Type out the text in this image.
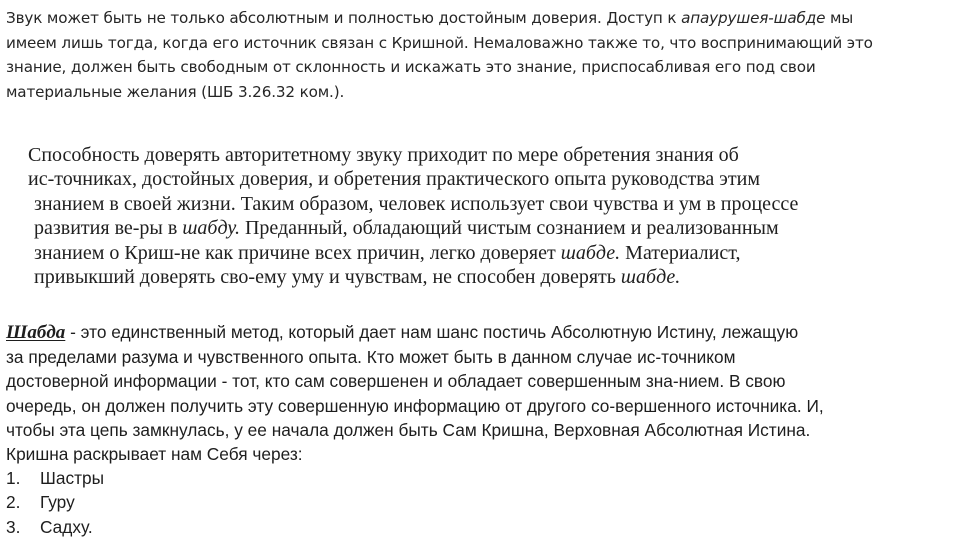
Звук может быть не только абсолютным и полностью достойным доверия. Доступ к апаурушея-шабде мы
имеем лишь тогда, когда его источник связан с Кришной. Немаловажно также то, что воспринимающий это
знание, должен быть свободным от склонность и искажать это знание, приспосабливая его под свои
материальные желания (ШБ 3.26.32 ком.).
Способность доверять авторитетному звуку приходит по мере обретения знания об
ис-точниках, достойных доверия, и обретения практического опыта руководства этим
знанием в своей жизни. Таким образом, человек использует свои чувства и ум в процессе
развития ве-ры в шабду. Преданный, обладающий чистым сознанием и реализованным
знанием о Криш-не как причине всех причин, легко доверяет шабде. Материалист,
привыкший доверять сво-ему уму и чувствам, не способен доверять шабде.
Шабда - это единственный метод, который дает нам шанс постичь Абсолютную Истину, лежащую
за пределами разума и чувственного опыта. Кто может быть в данном случае ис-точником
достоверной информации - тот, кто сам совершенен и обладает совершенным зна-нием. В свою
очередь, он должен получить эту совершенную информацию от другого со-вершенного источника. И,
чтобы эта цепь замкнулась, у ее начала должен быть Сам Кришна, Верховная Абсолютная Истина.
Кришна раскрывает нам Себя через:
1. Шастры
2. Гуру
3. Садху.
